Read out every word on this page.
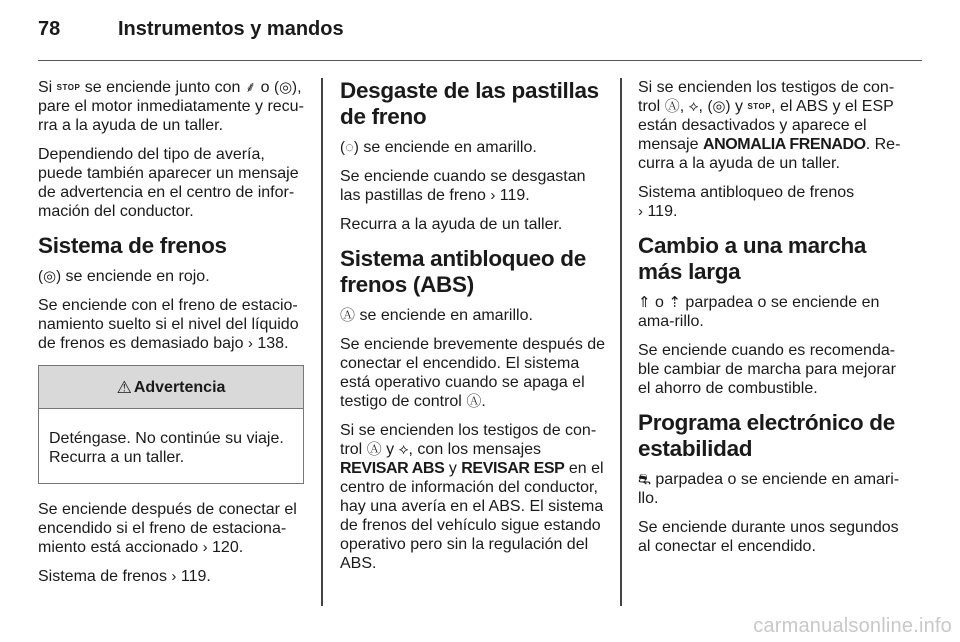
78	Instrumentos y mandos

Si STOP se enciende junto con ⸙ o (◎), pare el motor inmediatamente y recu-rra a la ayuda de un taller.

Dependiendo del tipo de avería, puede también aparecer un mensaje de advertencia en el centro de infor-mación del conductor.

Sistema de frenos

(◎) se enciende en rojo.

Se enciende con el freno de estacio-namiento suelto si el nivel del líquido de frenos es demasiado bajo › 138.

⚠ Advertencia
Deténgase. No continúe su viaje. Recurra a un taller.

Se enciende después de conectar el encendido si el freno de estaciona-miento está accionado › 120.

Sistema de frenos › 119.

Desgaste de las pastillas de freno

(◌) se enciende en amarillo.

Se enciende cuando se desgastan las pastillas de freno › 119.

Recurra a la ayuda de un taller.

Sistema antibloqueo de frenos (ABS)

Ⓐ se enciende en amarillo.

Se enciende brevemente después de conectar el encendido. El sistema está operativo cuando se apaga el testigo de control Ⓐ.

Si se encienden los testigos de con-trol Ⓐ y ⟡, con los mensajes REVISAR ABS y REVISAR ESP en el centro de información del conductor, hay una avería en el ABS. El sistema de frenos del vehículo sigue estando operativo pero sin la regulación del ABS.

Si se encienden los testigos de con-trol Ⓐ, ⟡, (◎) y STOP, el ABS y el ESP están desactivados y aparece el mensaje ANOMALIA FRENADO. Re-curra a la ayuda de un taller.

Sistema antibloqueo de frenos
› 119.

Cambio a una marcha más larga

⇑ o ⇡ parpadea o se enciende en ama-rillo.

Se enciende cuando es recomenda-ble cambiar de marcha para mejorar el ahorro de combustible.

Programa electrónico de estabilidad

⛐ parpadea o se enciende en amari-llo.

Se enciende durante unos segundos al conectar el encendido.

carmanualsonline.info
